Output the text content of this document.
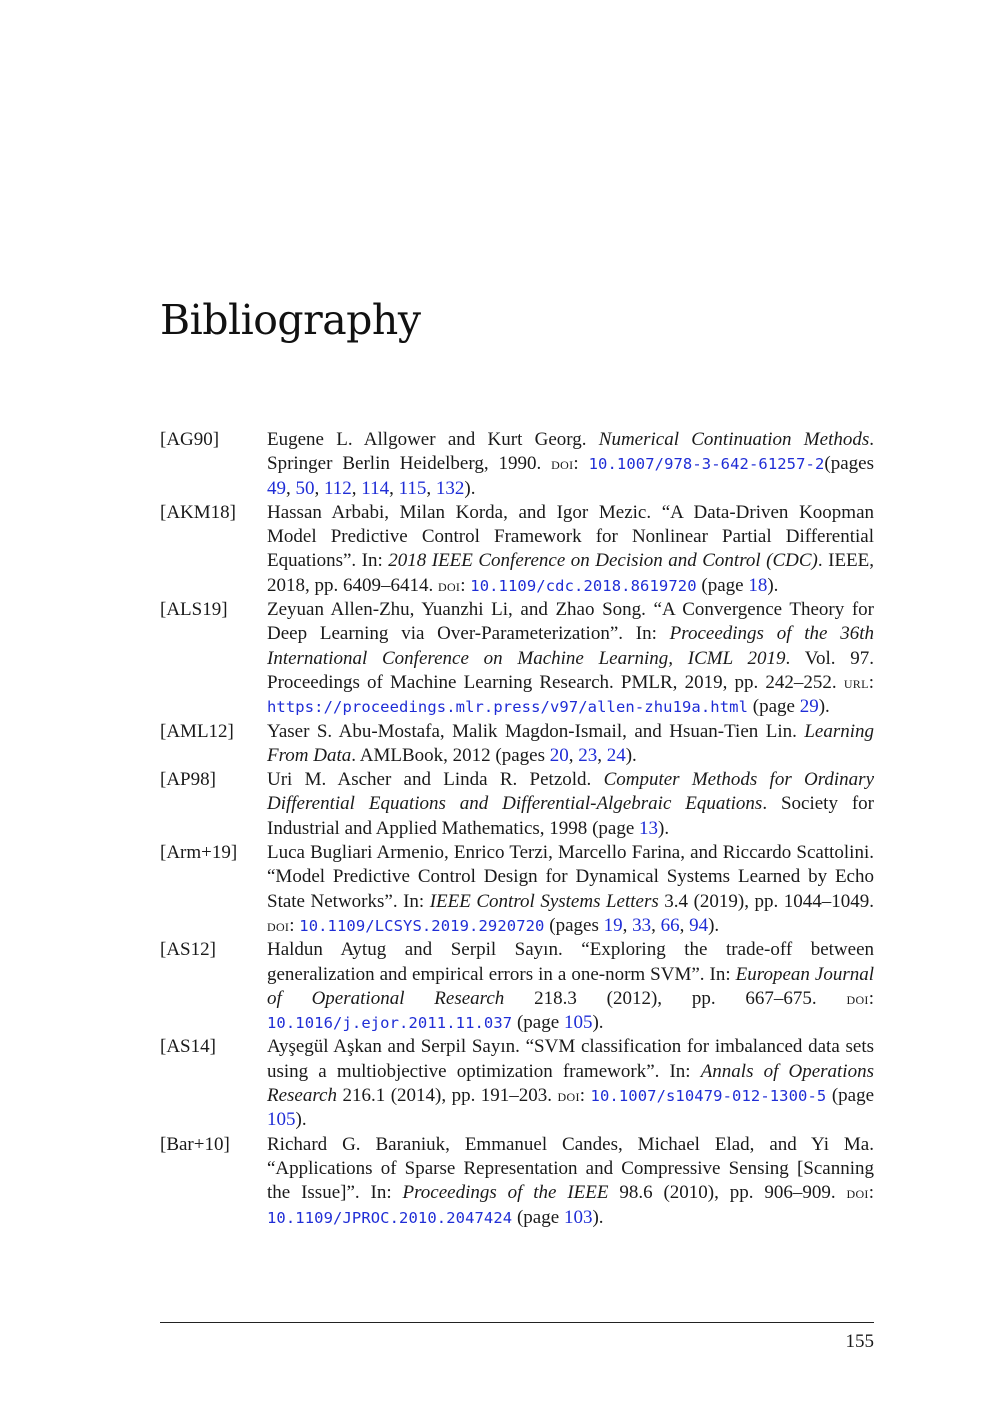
Bibliography
[AG90]	Eugene L. Allgower and Kurt Georg. Numerical Continuation Methods. Springer Berlin Heidelberg, 1990. doi: 10.1007/978-3-642-61257-2(pages 49, 50, 112, 114, 115, 132).
[AKM18]	Hassan Arbabi, Milan Korda, and Igor Mezic. “A Data-Driven Koopman Model Predictive Control Framework for Nonlinear Partial Differential Equations”. In: 2018 IEEE Conference on Decision and Control (CDC). IEEE, 2018, pp. 6409–6414. doi: 10.1109/cdc.2018.8619720 (page 18).
[ALS19]	Zeyuan Allen-Zhu, Yuanzhi Li, and Zhao Song. “A Convergence Theory for Deep Learning via Over-Parameterization”. In: Proceedings of the 36th International Conference on Machine Learning, ICML 2019. Vol. 97. Proceedings of Machine Learning Research. PMLR, 2019, pp. 242–252. url: https://proceedings.mlr.press/v97/allen-zhu19a.html (page 29).
[AML12]	Yaser S. Abu-Mostafa, Malik Magdon-Ismail, and Hsuan-Tien Lin. Learning From Data. AMLBook, 2012 (pages 20, 23, 24).
[AP98]	Uri M. Ascher and Linda R. Petzold. Computer Methods for Ordinary Differential Equations and Differential-Algebraic Equations. Society for Industrial and Applied Mathematics, 1998 (page 13).
[Arm+19]	Luca Bugliari Armenio, Enrico Terzi, Marcello Farina, and Riccardo Scattolini. “Model Predictive Control Design for Dynamical Systems Learned by Echo State Networks”. In: IEEE Control Systems Letters 3.4 (2019), pp. 1044–1049. doi: 10.1109/LCSYS.2019.2920720 (pages 19, 33, 66, 94).
[AS12]	Haldun Aytug and Serpil Sayın. “Exploring the trade-off between generalization and empirical errors in a one-norm SVM”. In: European Journal of Operational Research 218.3 (2012), pp. 667–675. doi: 10.1016/j.ejor.2011.11.037 (page 105).
[AS14]	Ayşegül Aşkan and Serpil Sayın. “SVM classification for imbalanced data sets using a multiobjective optimization framework”. In: Annals of Operations Research 216.1 (2014), pp. 191–203. doi: 10.1007/s10479-012-1300-5 (page 105).
[Bar+10]	Richard G. Baraniuk, Emmanuel Candes, Michael Elad, and Yi Ma. “Applications of Sparse Representation and Compressive Sensing [Scanning the Issue]”. In: Proceedings of the IEEE 98.6 (2010), pp. 906–909. doi: 10.1109/JPROC.2010.2047424 (page 103).
155
